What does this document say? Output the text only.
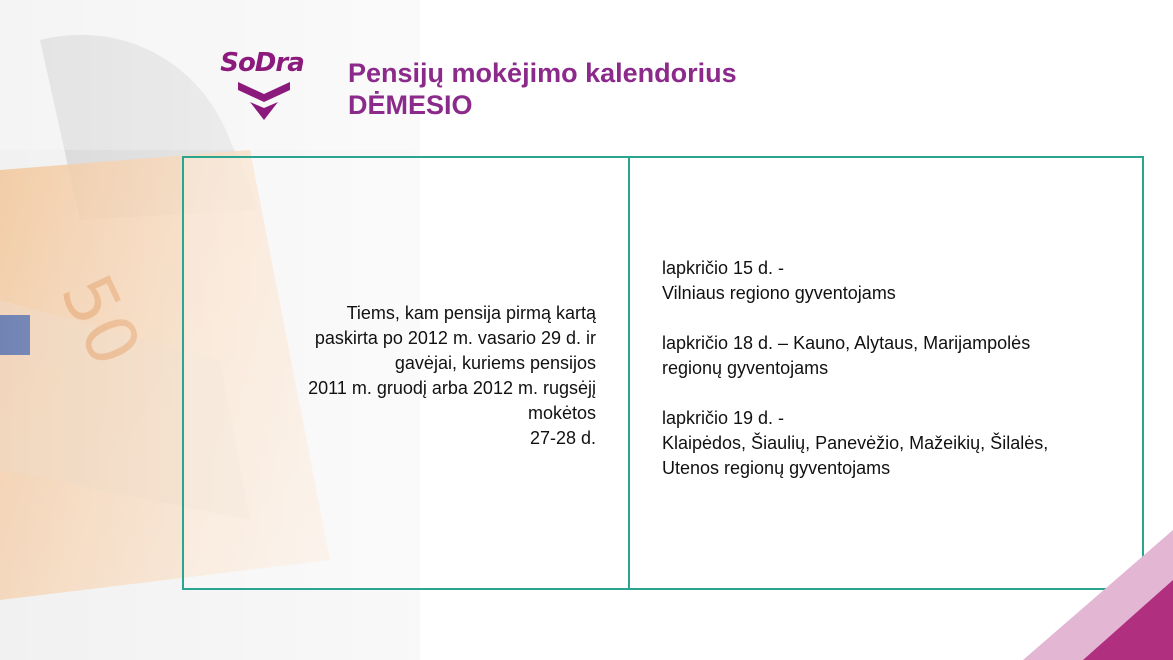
SoDra	Pensijų mokėjimo kalendorius
DĖMESIO
Tiems, kam pensija pirmą kartą
paskirta po 2012 m. vasario 29 d. ir
gavėjai, kuriems pensijos
2011 m. gruodį arba 2012 m. rugsėjį
mokėtos
27-28 d.
lapkričio 15 d. -
Vilniaus regiono gyventojams
lapkričio 18 d. – Kauno, Alytaus, Marijampolės
regionų gyventojams
lapkričio 19 d. -
Klaipėdos, Šiaulių, Panevėžio, Mažeikių, Šilalės,
Utenos regionų gyventojams
